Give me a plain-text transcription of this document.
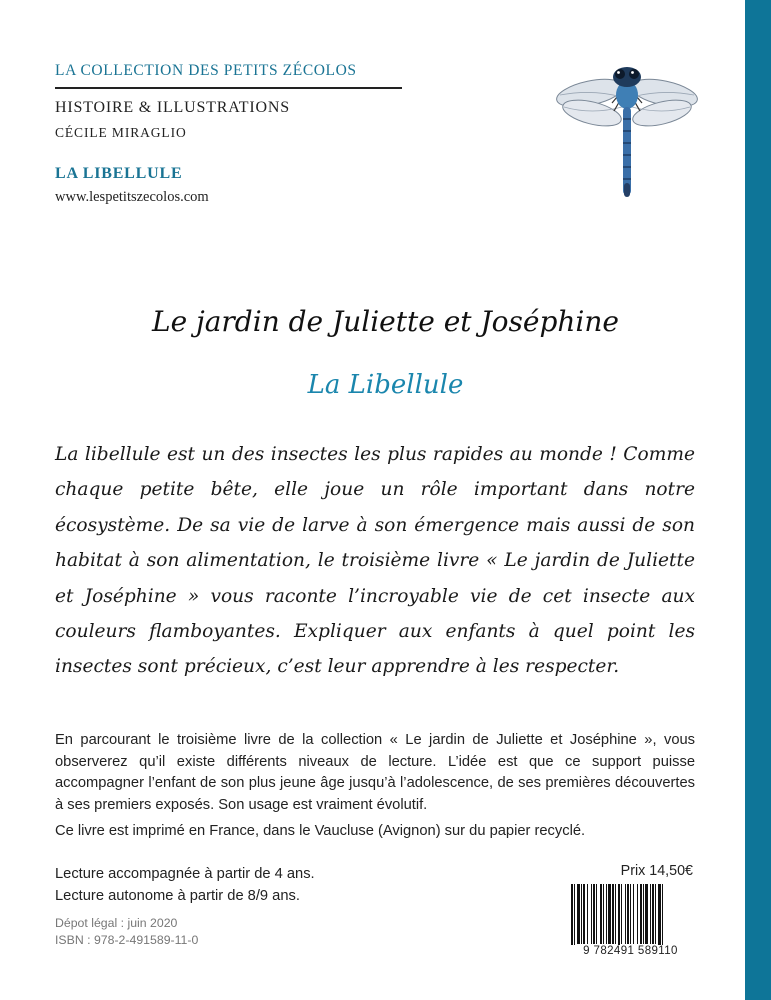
LA COLLECTION DES PETITS ZÉCOLOS
HISTOIRE & ILLUSTRATIONS
CÉCILE MIRAGLIO
LA LIBELLULE
www.lespetitszecolos.com
Le jardin de Juliette et Joséphine
La Libellule
La libellule est un des insectes les plus rapides au monde ! Comme chaque petite bête, elle joue un rôle important dans notre écosystème. De sa vie de larve à son émergence mais aussi de son habitat à son alimentation, le troisième livre « Le jardin de Juliette et Joséphine » vous raconte l’incroyable vie de cet insecte aux couleurs flamboyantes. Expliquer aux enfants à quel point les insectes sont précieux, c’est leur apprendre à les respecter.
En parcourant le troisième livre de la collection « Le jardin de Juliette et Joséphine », vous observerez qu’il existe différents niveaux de lecture. L’idée est que ce support puisse accompagner l’enfant de son plus jeune âge jusqu’à l’adolescence, de ses premières découvertes à ses premiers exposés. Son usage est vraiment évolutif.
Ce livre est imprimé en France, dans le Vaucluse (Avignon) sur du papier recyclé.
Lecture accompagnée à partir de 4 ans.
Lecture autonome à partir de 8/9 ans.
Dépot légal : juin 2020
ISBN : 978-2-491589-11-0
Prix 14,50€
9 782491 589110
